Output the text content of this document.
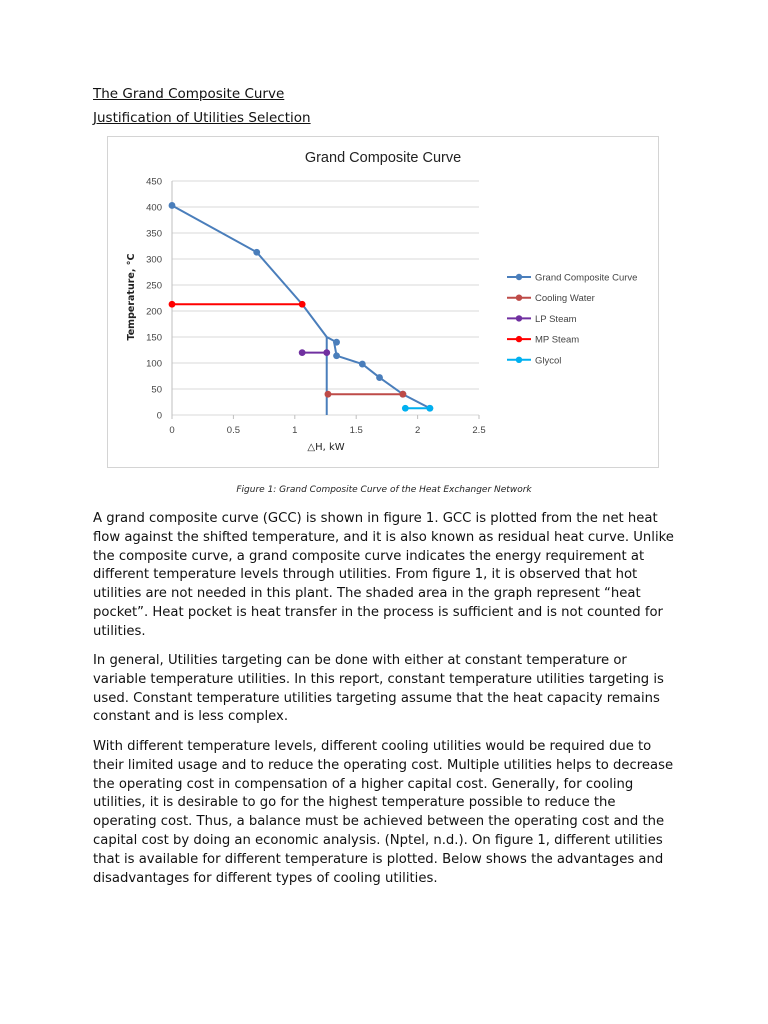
The Grand Composite Curve
Justification of Utilities Selection
Grand Composite Curve
0
50
100
150
200
250
300
350
400
450
0	0.5	1	1.5	2	2.5
△H, kW
Temperature, °C	Grand Composite Curve
Cooling Water
LP Steam
MP Steam
Glycol
Figure 1: Grand Composite Curve of the Heat Exchanger Network

A grand composite curve (GCC) is shown in figure 1. GCC is plotted from the net heat flow against the shifted temperature, and it is also known as residual heat curve. Unlike the composite curve, a grand composite curve indicates the energy requirement at different temperature levels through utilities. From figure 1, it is observed that hot utilities are not needed in this plant. The shaded area in the graph represent “heat pocket”. Heat pocket is heat transfer in the process is sufficient and is not counted for utilities.

In general, Utilities targeting can be done with either at constant temperature or variable temperature utilities. In this report, constant temperature utilities targeting is used. Constant temperature utilities targeting assume that the heat capacity remains constant and is less complex.

With different temperature levels, different cooling utilities would be required due to their limited usage and to reduce the operating cost. Multiple utilities helps to decrease the operating cost in compensation of a higher capital cost. Generally, for cooling utilities, it is desirable to go for the highest temperature possible to reduce the operating cost. Thus, a balance must be achieved between the operating cost and the capital cost by doing an economic analysis. (Nptel, n.d.). On figure 1, different utilities that is available for different temperature is plotted. Below shows the advantages and disadvantages for different types of cooling utilities.
